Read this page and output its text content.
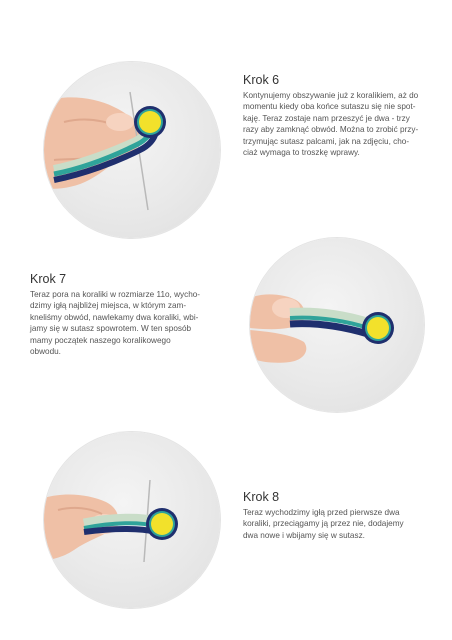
Krok 6

Kontynujemy obszywanie już z koralikiem, aż do
momentu kiedy oba końce sutaszu się nie spot-
kaję. Teraz zostaje nam przeszyć je dwa - trzy
razy aby zamknąć obwód. Można to zrobić przy-
trzymując sutasz palcami, jak na zdjęciu, cho-
ciaż wymaga to troszkę wprawy.

Krok 7

Teraz pora na koraliki w rozmiarze 11o, wycho-
dzimy igłą najbliżej miejsca, w którym zam-
kneliśmy obwód, nawlekamy dwa koraliki, wbi-
jamy się w sutasz spowrotem. W ten sposób
mamy początek naszego koralikowego
obwodu.

Krok 8

Teraz wychodzimy igłą przed pierwsze dwa
koraliki, przeciągamy ją przez nie, dodajemy
dwa nowe i wbijamy się w sutasz.
